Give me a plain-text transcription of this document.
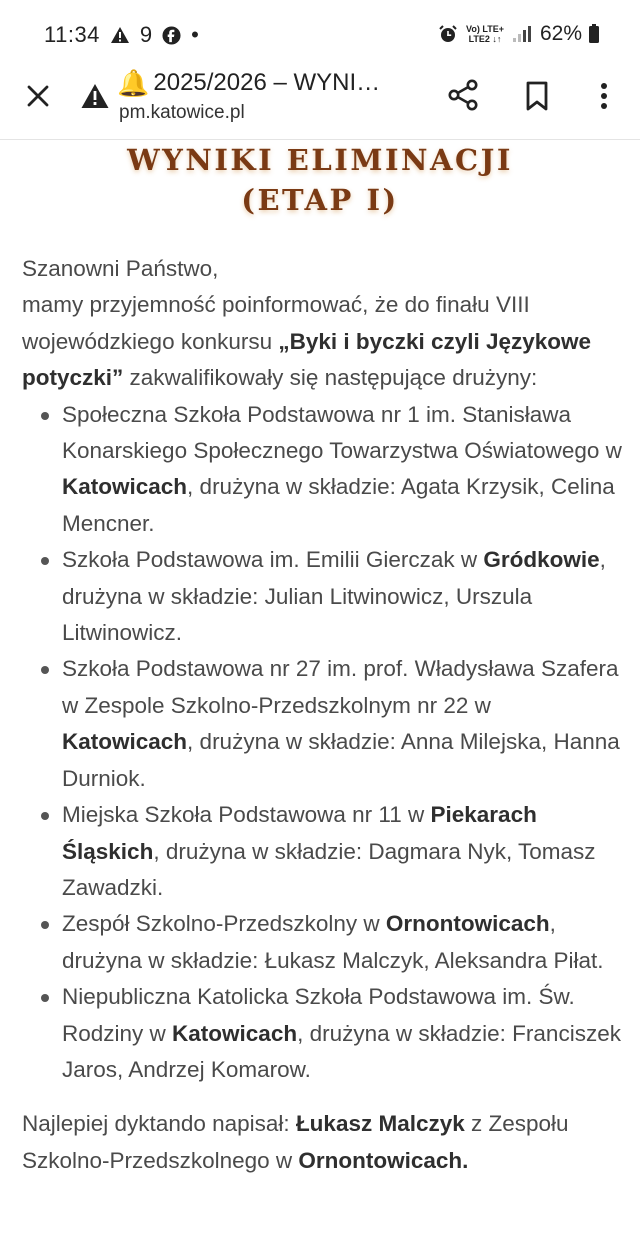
11:34 9 •	Vo) LTE+
LTE2 ↓↑ 62%
🔔 2025/2026 – WYNI…
pm.katowice.pl
WYNIKI ELIMINACJI
(ETAP I)

Szanowni Państwo,
mamy przyjemność poinformować, że do finału VIII wojewódzkiego konkursu „Byki i byczki czyli Językowe potyczki” zakwalifikowały się następujące drużyny:

Społeczna Szkoła Podstawowa nr 1 im. Stanisława Konarskiego Społecznego Towarzystwa Oświatowego w Katowicach, drużyna w składzie: Agata Krzysik, Celina Mencner.
Szkoła Podstawowa im. Emilii Gierczak w Gródkowie, drużyna w składzie: Julian Litwinowicz, Urszula Litwinowicz.
Szkoła Podstawowa nr 27 im. prof. Władysława Szafera w Zespole Szkolno-Przedszkolnym nr 22 w Katowicach, drużyna w składzie: Anna Milejska, Hanna Durniok.
Miejska Szkoła Podstawowa nr 11 w Piekarach Śląskich, drużyna w składzie: Dagmara Nyk, Tomasz Zawadzki.
Zespół Szkolno-Przedszkolny w Ornontowicach, drużyna w składzie: Łukasz Malczyk, Aleksandra Piłat.
Niepubliczna Katolicka Szkoła Podstawowa im. Św. Rodziny w Katowicach, drużyna w składzie: Franciszek Jaros, Andrzej Komarow.

Najlepiej dyktando napisał: Łukasz Malczyk z Zespołu Szkolno-Przedszkolnego w Ornontowicach.
